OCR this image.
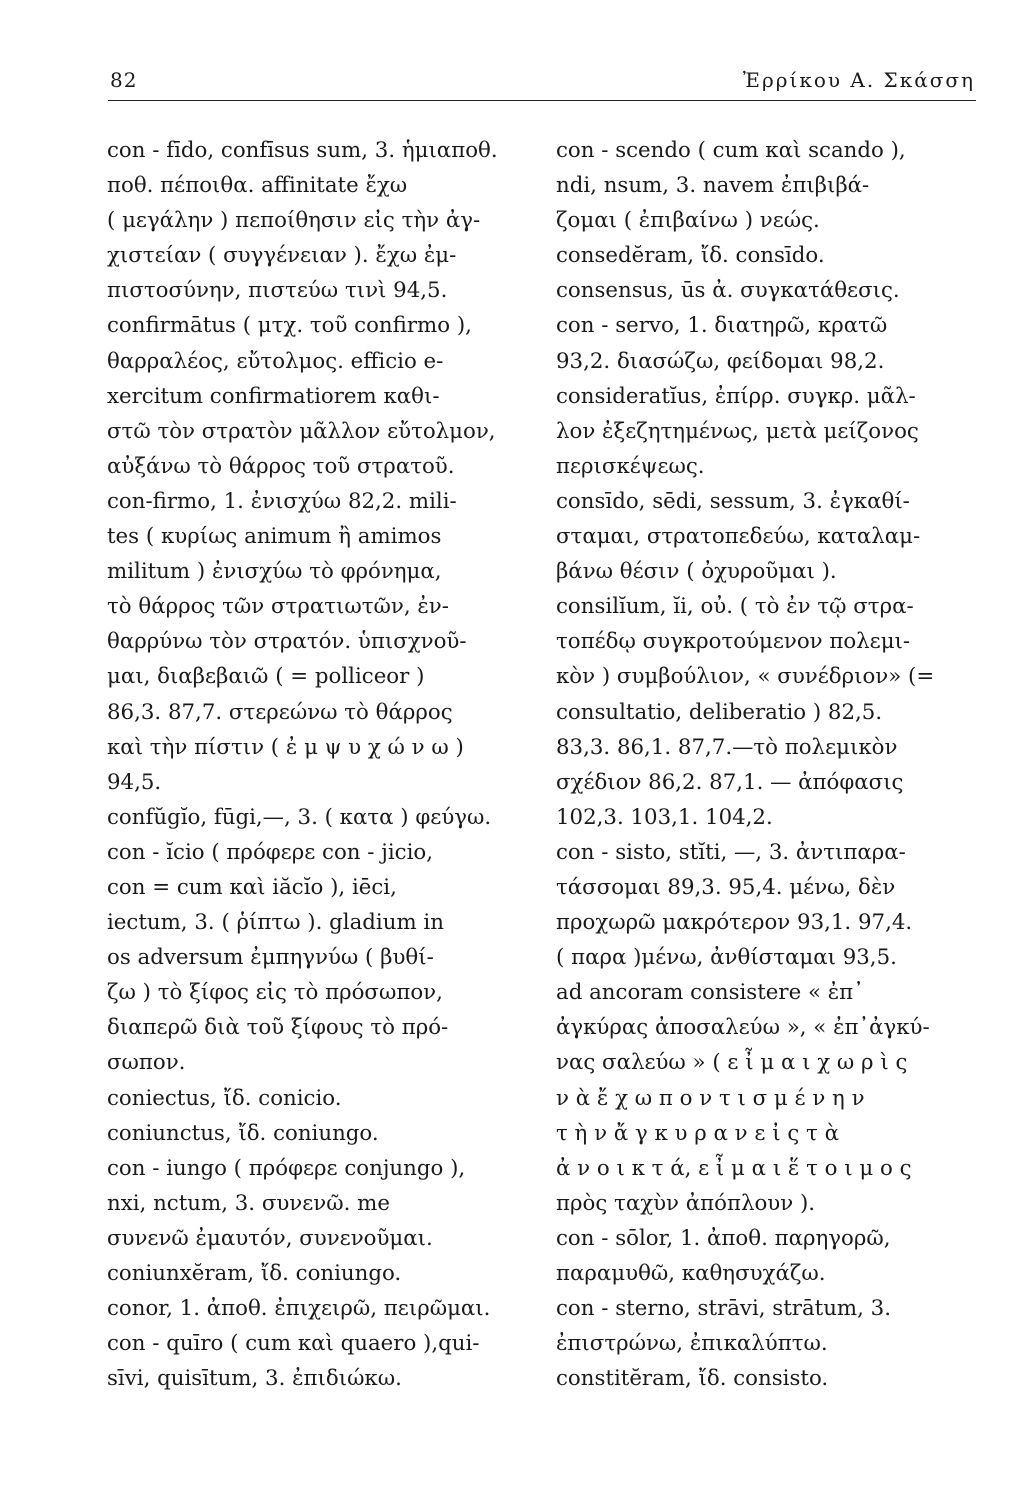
82	Ἐρρίκου Α. Σκάσση
con - fīdo, confīsus sum, 3. ἡμιαποθ.
ποθ. πέποιθα. affinitate ἔχω
( μεγάλην ) πεποίθησιν εἰς τὴν ἀγ-
χιστείαν ( συγγένειαν ). ἔχω ἐμ-
πιστοσύνην, πιστεύω τινὶ 94,5.
confirmātus ( μτχ. τοῦ confirmo ),
θαρραλέος, εὔτολμος. efficio e-
xercitum confirmatiorem καθι-
στῶ τὸν στρατὸν μᾶλλον εὔτολμον,
αὐξάνω τὸ θάρρος τοῦ στρατοῦ.
con-firmo, 1. ἐνισχύω 82,2. mili-
tes ( κυρίως animum ἢ amimos
militum ) ἐνισχύω τὸ φρόνημα,
τὸ θάρρος τῶν στρατιωτῶν, ἐν-
θαρρύνω τὸν στρατόν. ὑπισχνοῦ-
μαι, διαβεβαιῶ ( = polliceor )
86,3. 87,7. στερεώνω τὸ θάρρος
καὶ τὴν πίστιν ( ἐ μ ψ υ χ ώ ν ω )
94,5.
confŭgĭo, fūgi,—, 3. ( κατα ) φεύγω.
con - ĭcio ( πρόφερε con - jicio,
con = cum καὶ iăcĭo ), iēci,
iectum, 3. ( ῥίπτω ). gladium in
os adversum ἐμπηγνύω ( βυθί-
ζω ) τὸ ξίφος εἰς τὸ πρόσωπον,
διαπερῶ διὰ τοῦ ξίφους τὸ πρό-
σωπον.
coniectus, ἴδ. conicio.
coniunctus, ἴδ. coniungo.
con - iungo ( πρόφερε conjungo ),
nxi, nctum, 3. συνενῶ. me
συνενῶ ἐμαυτόν, συνενοῦμαι.
coniunxĕram, ἴδ. coniungo.
conor, 1. ἀποθ. ἐπιχειρῶ, πειρῶμαι.
con - quīro ( cum καὶ quaero ),qui-
sīvi, quisītum, 3. ἐπιδιώκω.
con - scendo ( cum καὶ scando ),
ndi, nsum, 3. navem ἐπιβιβά-
ζομαι ( ἐπιβαίνω ) νεώς.
consedĕram, ἴδ. consīdo.
consensus, ūs ἀ. συγκατάθεσις.
con - servo, 1. διατηρῶ, κρατῶ
93,2. διασώζω, φείδομαι 98,2.
consideratĭus, ἐπίρρ. συγκρ. μᾶλ-
λον ἐξεζητημένως, μετὰ μείζονος
περισκέψεως.
consīdo, sēdi, sessum, 3. ἐγκαθί-
σταμαι, στρατοπεδεύω, καταλαμ-
βάνω θέσιν ( ὀχυροῦμαι ).
consilĭum, ĭi, οὐ. ( τὸ ἐν τῷ στρα-
τοπέδῳ συγκροτούμενον πολεμι-
κὸν ) συμβούλιον, « συνέδριον» (=
consultatio, deliberatio ) 82,5.
83,3. 86,1. 87,7.—τὸ πολεμικὸν
σχέδιον 86,2. 87,1. — ἀπόφασις
102,3. 103,1. 104,2.
con - sisto, stĭti, —, 3. ἀντιπαρα-
τάσσομαι 89,3. 95,4. μένω, δὲν
προχωρῶ μακρότερον 93,1. 97,4.
( παρα )μένω, ἀνθίσταμαι 93,5.
ad ancoram consistere « ἐπ᾽
ἀγκύρας ἀποσαλεύω », « ἐπ᾽ἀγκύ-
νας σαλεύω » ( ε ἶ μ α ι χ ω ρ ὶ ς
ν ὰ ἔ χ ω π ο ν τ ι σ μ έ ν η ν
τ ὴ ν ἄ γ κ υ ρ α ν ε ἰ ς τ ὰ
ἀ ν ο ι κ τ ά, ε ἶ μ α ι ἕ τ ο ι μ ο ς
πρὸς ταχὺν ἀπόπλουν ).
con - sōlor, 1. ἀποθ. παρηγορῶ,
παραμυθῶ, καθησυχάζω.
con - sterno, strāvi, strātum, 3.
ἐπιστρώνω, ἐπικαλύπτω.
constitĕram, ἴδ. consisto.
